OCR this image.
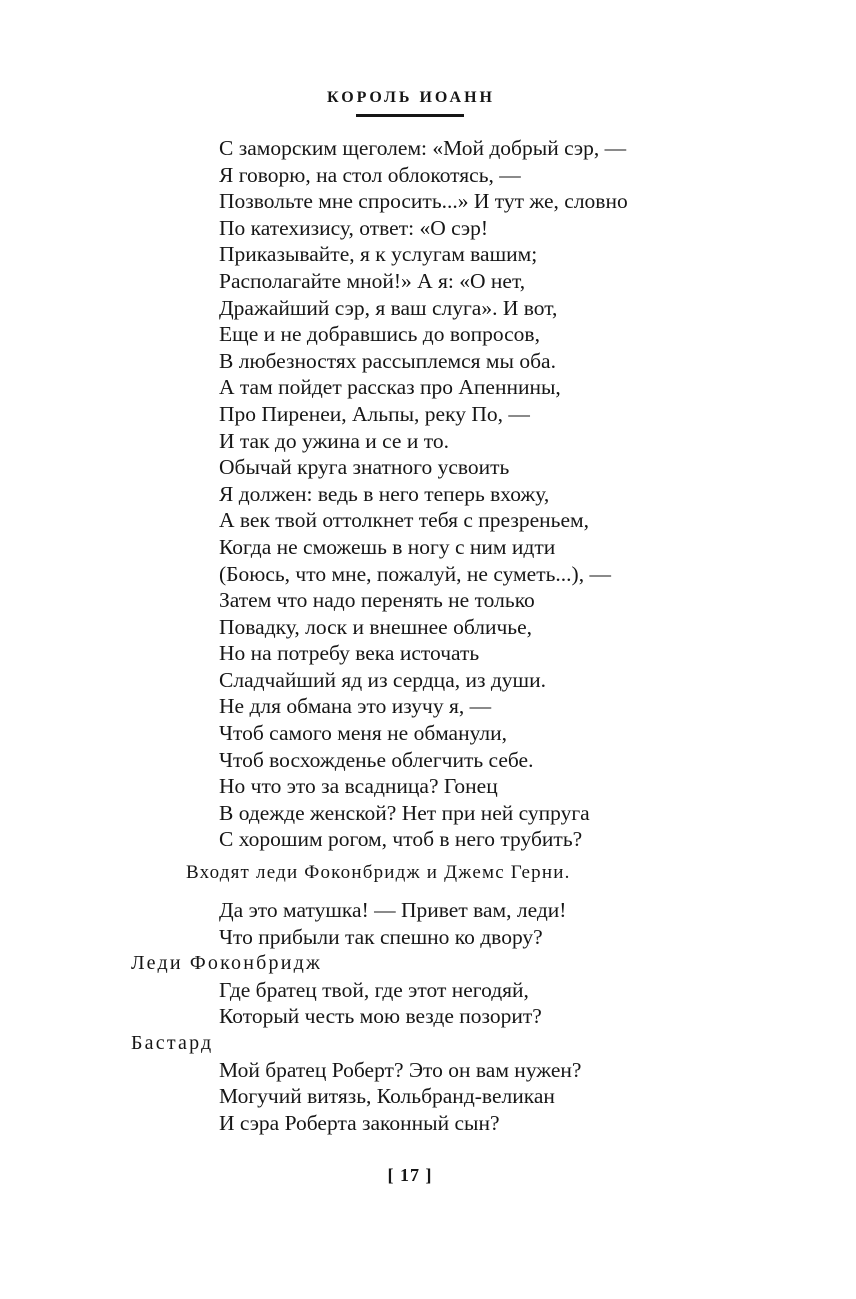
КОРОЛЬ ИОАНН

С заморским щеголем: «Мой добрый сэр, —

Я говорю, на стол облокотясь, —

Позвольте мне спросить...» И тут же, словно

По катехизису, ответ: «О сэр!

Приказывайте, я к услугам вашим;

Располагайте мной!» А я: «О нет,

Дражайший сэр, я ваш слуга». И вот,

Еще и не добравшись до вопросов,

В любезностях рассыплемся мы оба.

А там пойдет рассказ про Апеннины,

Про Пиренеи, Альпы, реку По, —

И так до ужина и се и то.

Обычай круга знатного усвоить

Я должен: ведь в него теперь вхожу,

А век твой оттолкнет тебя с презреньем,

Когда не сможешь в ногу с ним идти

(Боюсь, что мне, пожалуй, не суметь...), —

Затем что надо перенять не только

Повадку, лоск и внешнее обличье,

Но на потребу века источать

Сладчайший яд из сердца, из души.

Не для обмана это изучу я, —

Чтоб самого меня не обманули,

Чтоб восхожденье облегчить себе.

Но что это за всадница? Гонец

В одежде женской? Нет при ней супруга

С хорошим рогом, чтоб в него трубить?

Входят леди Фоконбридж и Джемс Герни.

Да это матушка! — Привет вам, леди!

Что прибыли так спешно ко двору?

Леди Фоконбридж

Где братец твой, где этот негодяй,

Который честь мою везде позорит?

Бастард

Мой братец Роберт? Это он вам нужен?

Могучий витязь, Кольбранд-великан

И сэра Роберта законный сын?

[ 17 ]
